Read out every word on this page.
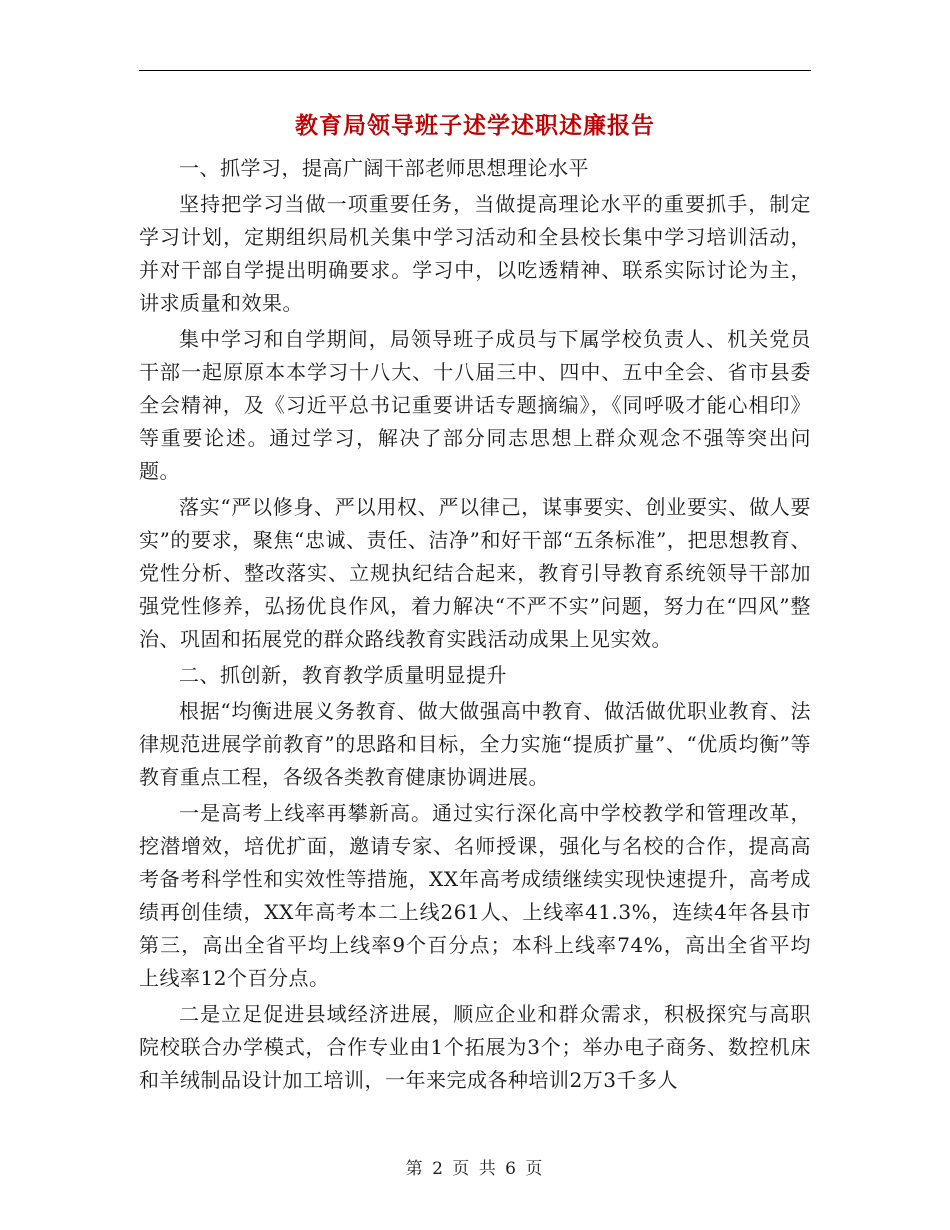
教育局领导班子述学述职述廉报告

一、抓学习，提高广阔干部老师思想理论水平

坚持把学习当做一项重要任务，当做提高理论水平的重要抓手，制定学习计划，定期组织局机关集中学习活动和全县校长集中学习培训活动，并对干部自学提出明确要求。学习中，以吃透精神、联系实际讨论为主，讲求质量和效果。

集中学习和自学期间，局领导班子成员与下属学校负责人、机关党员干部一起原原本本学习十八大、十八届三中、四中、五中全会、省市县委全会精神，及《习近平总书记重要讲话专题摘编》，《同呼吸才能心相印》等重要论述。通过学习，解决了部分同志思想上群众观念不强等突出问题。

落实“严以修身、严以用权、严以律己，谋事要实、创业要实、做人要实”的要求，聚焦“忠诚、责任、洁净”和好干部“五条标准”，把思想教育、党性分析、整改落实、立规执纪结合起来，教育引导教育系统领导干部加强党性修养，弘扬优良作风，着力解决“不严不实”问题，努力在“四风”整治、巩固和拓展党的群众路线教育实践活动成果上见实效。

二、抓创新，教育教学质量明显提升

根据“均衡进展义务教育、做大做强高中教育、做活做优职业教育、法律规范进展学前教育”的思路和目标，全力实施“提质扩量”、“优质均衡”等教育重点工程，各级各类教育健康协调进展。

一是高考上线率再攀新高。通过实行深化高中学校教学和管理改革，挖潜增效，培优扩面，邀请专家、名师授课，强化与名校的合作，提高高考备考科学性和实效性等措施，XX年高考成绩继续实现快速提升，高考成绩再创佳绩，XX年高考本二上线261人、上线率41.3%，连续4年各县市第三，高出全省平均上线率9个百分点；本科上线率74%，高出全省平均上线率12个百分点。

二是立足促进县域经济进展，顺应企业和群众需求，积极探究与高职院校联合办学模式，合作专业由1个拓展为3个；举办电子商务、数控机床和羊绒制品设计加工培训，一年来完成各种培训2万3千多人

第 2 页 共 6 页
